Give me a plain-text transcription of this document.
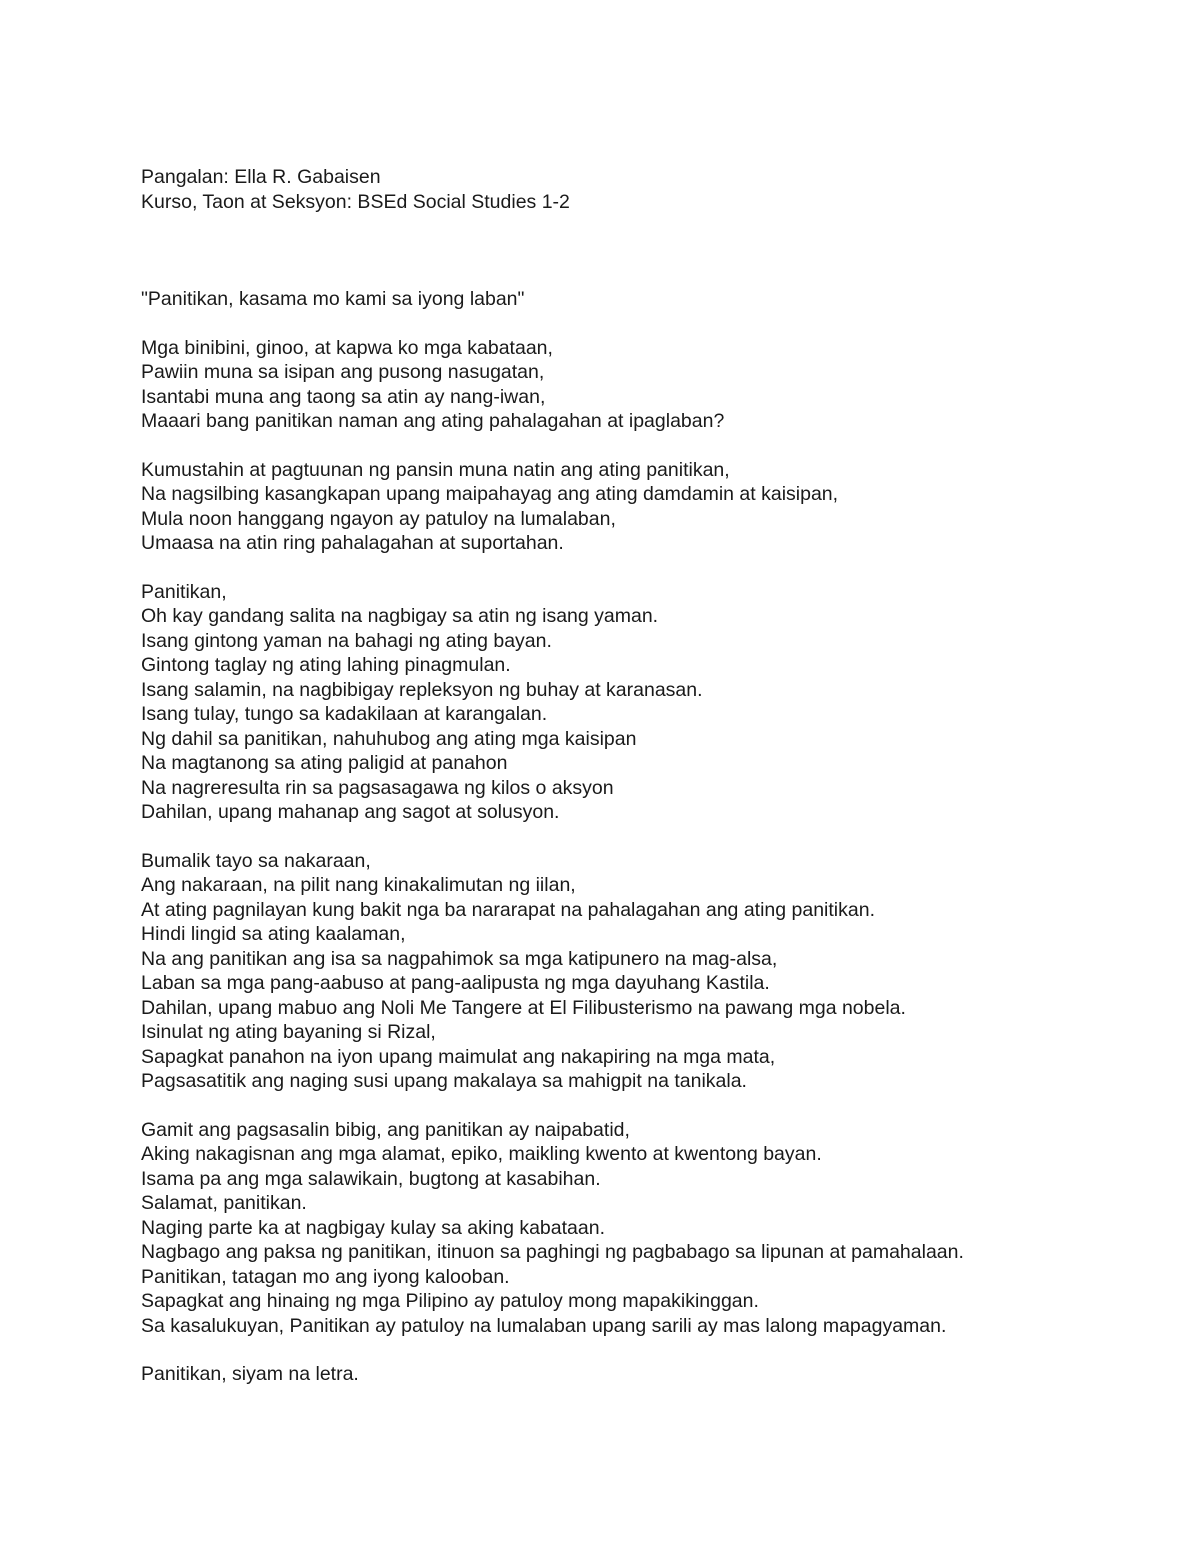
Pangalan: Ella R. Gabaisen
Kurso, Taon at Seksyon: BSEd Social Studies 1-2
"Panitikan, kasama mo kami sa iyong laban"
Mga binibini, ginoo, at kapwa ko mga kabataan,
Pawiin muna sa isipan ang pusong nasugatan,
Isantabi muna ang taong sa atin ay nang-iwan,
Maaari bang panitikan naman ang ating pahalagahan at ipaglaban?
Kumustahin at pagtuunan ng pansin muna natin ang ating panitikan,
Na nagsilbing kasangkapan upang maipahayag ang ating damdamin at kaisipan,
Mula noon hanggang ngayon ay patuloy na lumalaban,
Umaasa na atin ring pahalagahan at suportahan.
Panitikan,
Oh kay gandang salita na nagbigay sa atin ng isang yaman.
Isang gintong yaman na bahagi ng ating bayan.
Gintong taglay ng ating lahing pinagmulan.
Isang salamin, na nagbibigay repleksyon ng buhay at karanasan.
Isang tulay, tungo sa kadakilaan at karangalan.
Ng dahil sa panitikan, nahuhubog ang ating mga kaisipan
Na magtanong sa ating paligid at panahon
Na nagreresulta rin sa pagsasagawa ng kilos o aksyon
Dahilan, upang mahanap ang sagot at solusyon.
Bumalik tayo sa nakaraan,
Ang nakaraan, na pilit nang kinakalimutan ng iilan,
At ating pagnilayan kung bakit nga ba nararapat na pahalagahan ang ating panitikan.
Hindi lingid sa ating kaalaman,
Na ang panitikan ang isa sa nagpahimok sa mga katipunero na mag-alsa,
Laban sa mga pang-aabuso at pang-aalipusta ng mga dayuhang Kastila.
Dahilan, upang mabuo ang Noli Me Tangere at El Filibusterismo na pawang mga nobela.
Isinulat ng ating bayaning si Rizal,
Sapagkat panahon na iyon upang maimulat ang nakapiring na mga mata,
Pagsasatitik ang naging susi upang makalaya sa mahigpit na tanikala.
Gamit ang pagsasalin bibig, ang panitikan ay naipabatid,
Aking nakagisnan ang mga alamat, epiko, maikling kwento at kwentong bayan.
Isama pa ang mga salawikain, bugtong at kasabihan.
Salamat, panitikan.
Naging parte ka at nagbigay kulay sa aking kabataan.
Nagbago ang paksa ng panitikan, itinuon sa paghingi ng pagbabago sa lipunan at pamahalaan.
Panitikan, tatagan mo ang iyong kalooban.
Sapagkat ang hinaing ng mga Pilipino ay patuloy mong mapakikinggan.
Sa kasalukuyan, Panitikan ay patuloy na lumalaban upang sarili ay mas lalong mapagyaman.
Panitikan, siyam na letra.
